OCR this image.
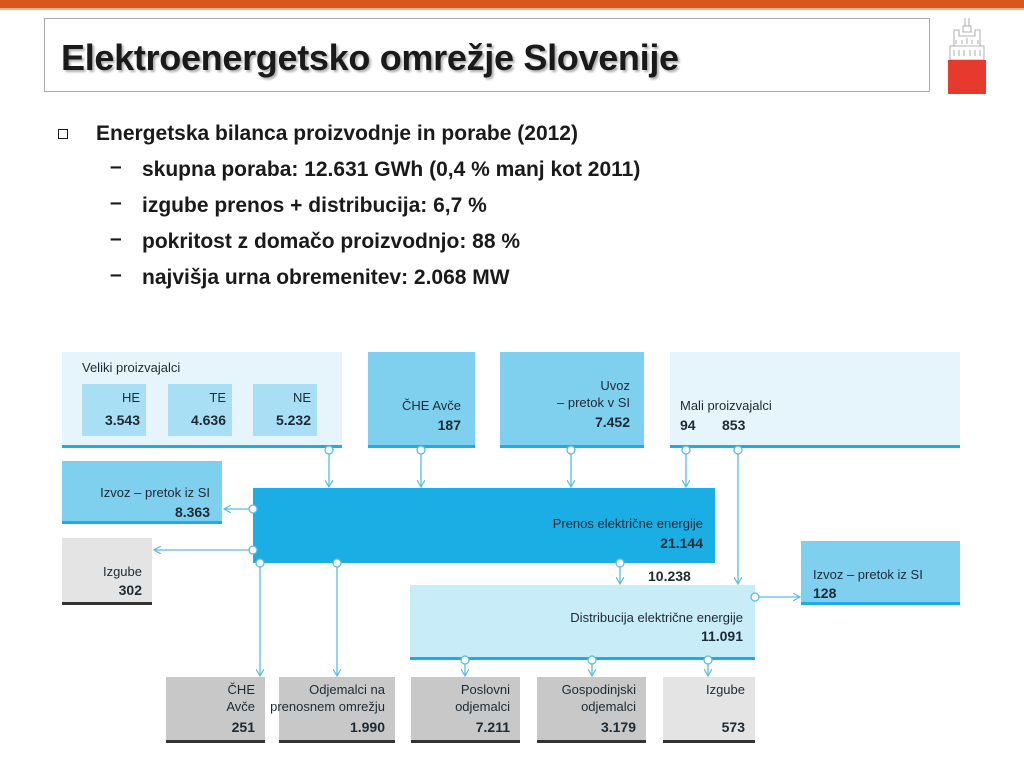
Elektroenergetsko omrežje Slovenije
Energetska bilanca proizvodnje in porabe (2012)
– skupna poraba: 12.631 GWh (0,4 % manj kot 2011)
– izgube prenos + distribucija: 6,7 %
– pokritost z domačo proizvodnjo: 88 %
– najvišja urna obremenitev: 2.068 MW
Veliki proizvajalci
HE
3.543
TE
4.636
NE
5.232
ČHE Avče
187
Uvoz
– pretok v SI
7.452
Mali proizvajalci
94 853
Izvoz – pretok iz SI
8.363
Izgube
302
Prenos električne energije
21.144
10.238	Izvoz – pretok iz SI
128
Distribucija električne energije
11.091
ČHE
Avče
251
Odjemalci na
prenosnem omrežju
1.990
Poslovni
odjemalci
7.211
Gospodinjski
odjemalci
3.179
Izgube
573
